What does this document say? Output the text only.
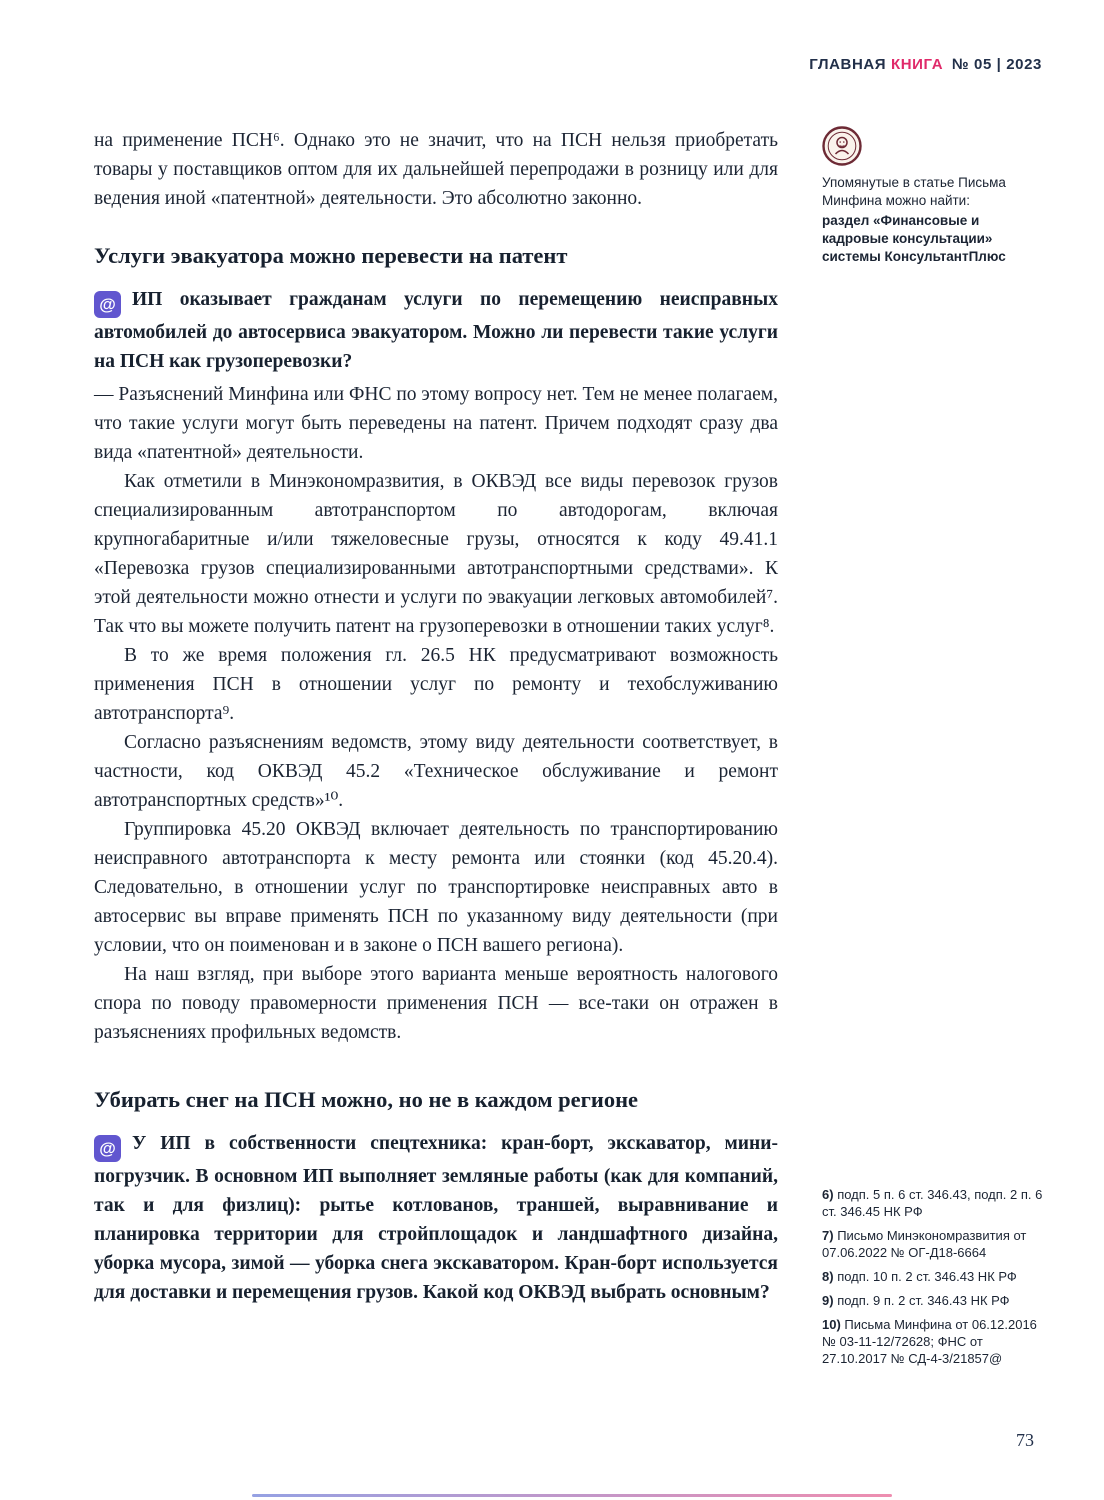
ГЛАВНАЯ КНИГА № 05 | 2023

на применение ПСН⁶. Однако это не значит, что на ПСН нельзя приобретать товары у поставщиков оптом для их дальнейшей перепродажи в розницу или для ведения иной «патентной» деятельности. Это абсолютно законно.

Услуги эвакуатора можно перевести на патент

@ ИП оказывает гражданам услуги по перемещению неисправных автомобилей до автосервиса эвакуатором. Можно ли перевести такие услуги на ПСН как грузоперевозки?

— Разъяснений Минфина или ФНС по этому вопросу нет. Тем не менее полагаем, что такие услуги могут быть переведены на патент. Причем подходят сразу два вида «патентной» деятельности.

Как отметили в Минэкономразвития, в ОКВЭД все виды перевозок грузов специализированным автотранспортом по автодорогам, включая крупногабаритные и/или тяжеловесные грузы, относятся к коду 49.41.1 «Перевозка грузов специализированными автотранспортными средствами». К этой деятельности можно отнести и услуги по эвакуации легковых автомобилей⁷. Так что вы можете получить патент на грузоперевозки в отношении таких услуг⁸.

В то же время положения гл. 26.5 НК предусматривают возможность применения ПСН в отношении услуг по ремонту и техобслуживанию автотранспорта⁹.

Согласно разъяснениям ведомств, этому виду деятельности соответствует, в частности, код ОКВЭД 45.2 «Техническое обслуживание и ремонт автотранспортных средств»¹⁰.

Группировка 45.20 ОКВЭД включает деятельность по транспортированию неисправного автотранспорта к месту ремонта или стоянки (код 45.20.4). Следовательно, в отношении услуг по транспортировке неисправных авто в автосервис вы вправе применять ПСН по указанному виду деятельности (при условии, что он поименован и в законе о ПСН вашего региона).

На наш взгляд, при выборе этого варианта меньше вероятность налогового спора по поводу правомерности применения ПСН — все-таки он отражен в разъяснениях профильных ведомств.

Убирать снег на ПСН можно, но не в каждом регионе

@ У ИП в собственности спецтехника: кран-борт, экскаватор, мини-погрузчик. В основном ИП выполняет земляные работы (как для компаний, так и для физлиц): рытье котлованов, траншей, выравнивание и планировка территории для стройплощадок и ландшафтного дизайна, уборка мусора, зимой — уборка снега экскаватором. Кран-борт используется для доставки и перемещения грузов. Какой код ОКВЭД выбрать основным?

Упомянутые в статье Письма Минфина можно найти:
раздел «Финансовые и кадровые консультации» системы КонсультантПлюс

6) подп. 5 п. 6 ст. 346.43, подп. 2 п. 6 ст. 346.45 НК РФ

7) Письмо Минэкономразвития от 07.06.2022 № ОГ-Д18-6664

8) подп. 10 п. 2 ст. 346.43 НК РФ

9) подп. 9 п. 2 ст. 346.43 НК РФ

10) Письма Минфина от 06.12.2016 № 03-11-12/72628; ФНС от 27.10.2017 № СД-4-3/21857@

73
